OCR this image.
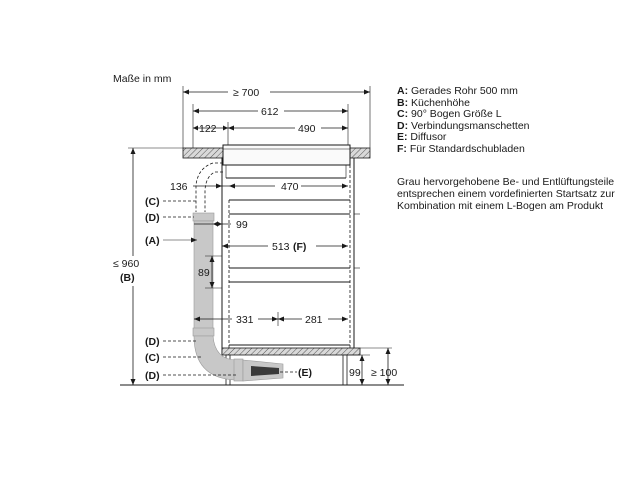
Maße in mm
≥ 700
612
122	490
136	470
(C)
(D)
99
(A)	513 (F)
89
331	281
(D)
(C)
(D)	(E)
≤ 960
(B)
99 ≥ 100
A: Gerades Rohr 500 mm
B: Küchenhöhe
C: 90° Bogen Größe L
D: Verbindungsmanschetten
E: Diffusor
F: Für Standardschubladen
Grau hervorgehobene Be- und Entlüftungsteile entsprechen einem vordefinierten Startsatz zur Kombination mit einem L-Bogen am Produkt
